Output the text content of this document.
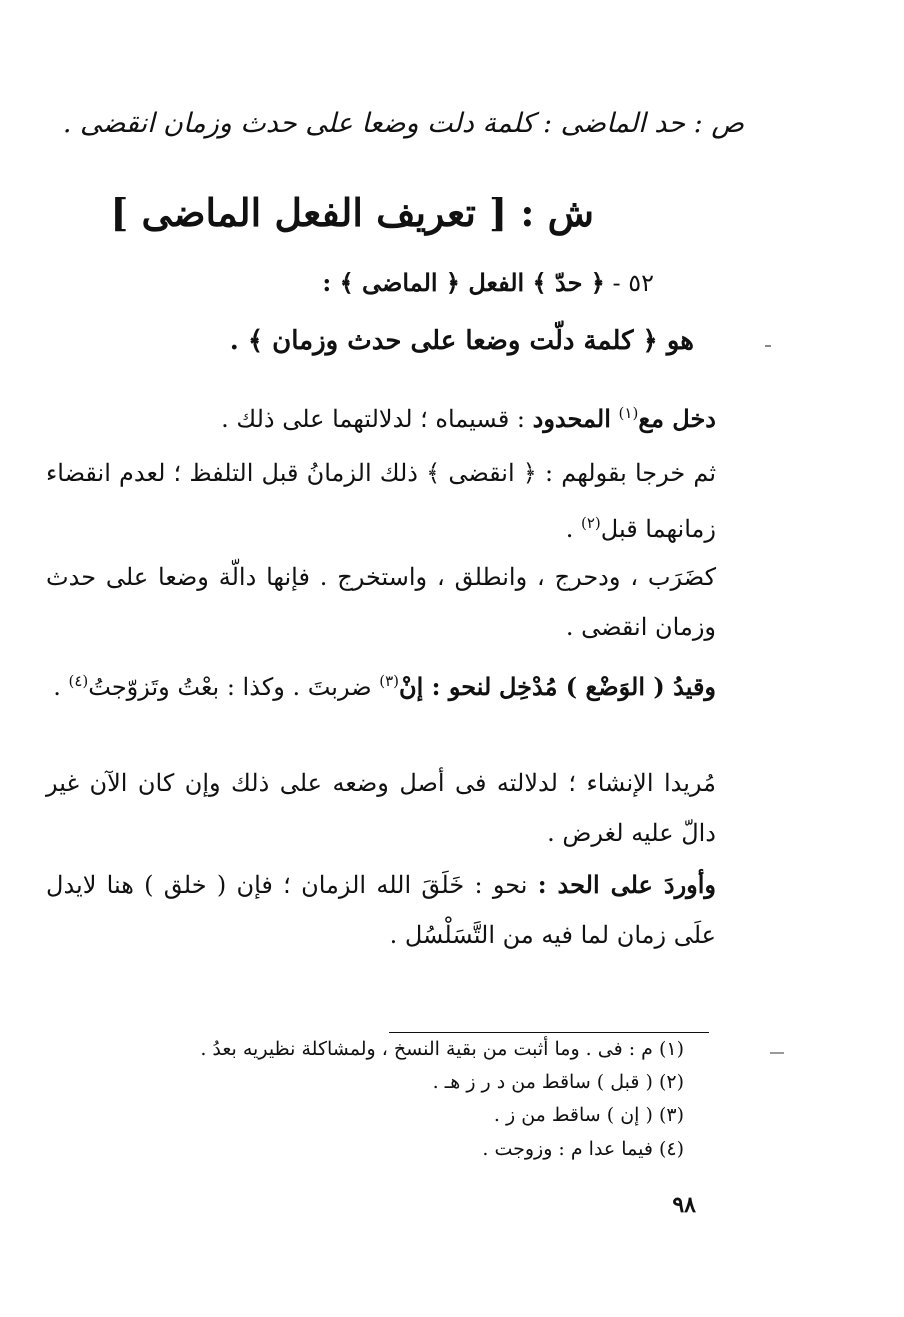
ص : حد الماضى : كلمة دلت وضعا على حدث وزمان انقضى .
ش : [ تعريف الفعل الماضى ]
٥٢ - ﴿ حدّ ﴾ الفعل ﴿ الماضى ﴾ :
هو ﴿ كلمة دلّت وضعا على حدث وزمان ﴾ .
دخل مع$^{(١)}$ المحدود : قسيماه ؛ لدلالتهما على ذلك .
ثم خرجا بقولهم : ﴿ انقضى ﴾ ذلك الزمانُ قبل التلفظ ؛ لعدم انقضاء زمانهما قبل$^{(٢)}$ .
كضَرَب ، ودحرج ، وانطلق ، واستخرج . فإنها دالّة وضعا على حدث وزمان انقضى .
وقيدُ ( الوَضْع ) مُدْخِل لنحو : إنْ$^{(٣)}$ ضربتَ . وكذا : بعْتُ وتَزوّجتُ$^{(٤)}$ .
مُريدا الإنشاء ؛ لدلالته فى أصل وضعه على ذلك وإن كان الآن غير دالّ عليه لغرض .
وأوردَ على الحد : نحو : خَلَقَ الله الزمان ؛ فإن ( خلق ) هنا لايدل علَى زمان لما فيه من التَّسَلْسُل .
(١) م : فى . وما أثبت من بقية النسخ ، ولمشاكلة نظيريه بعدُ .
(٢) ( قبل ) ساقط من د ر ز هـ .
(٣) ( إن ) ساقط من ز .
(٤) فيما عدا م : وزوجت .
٩٨
